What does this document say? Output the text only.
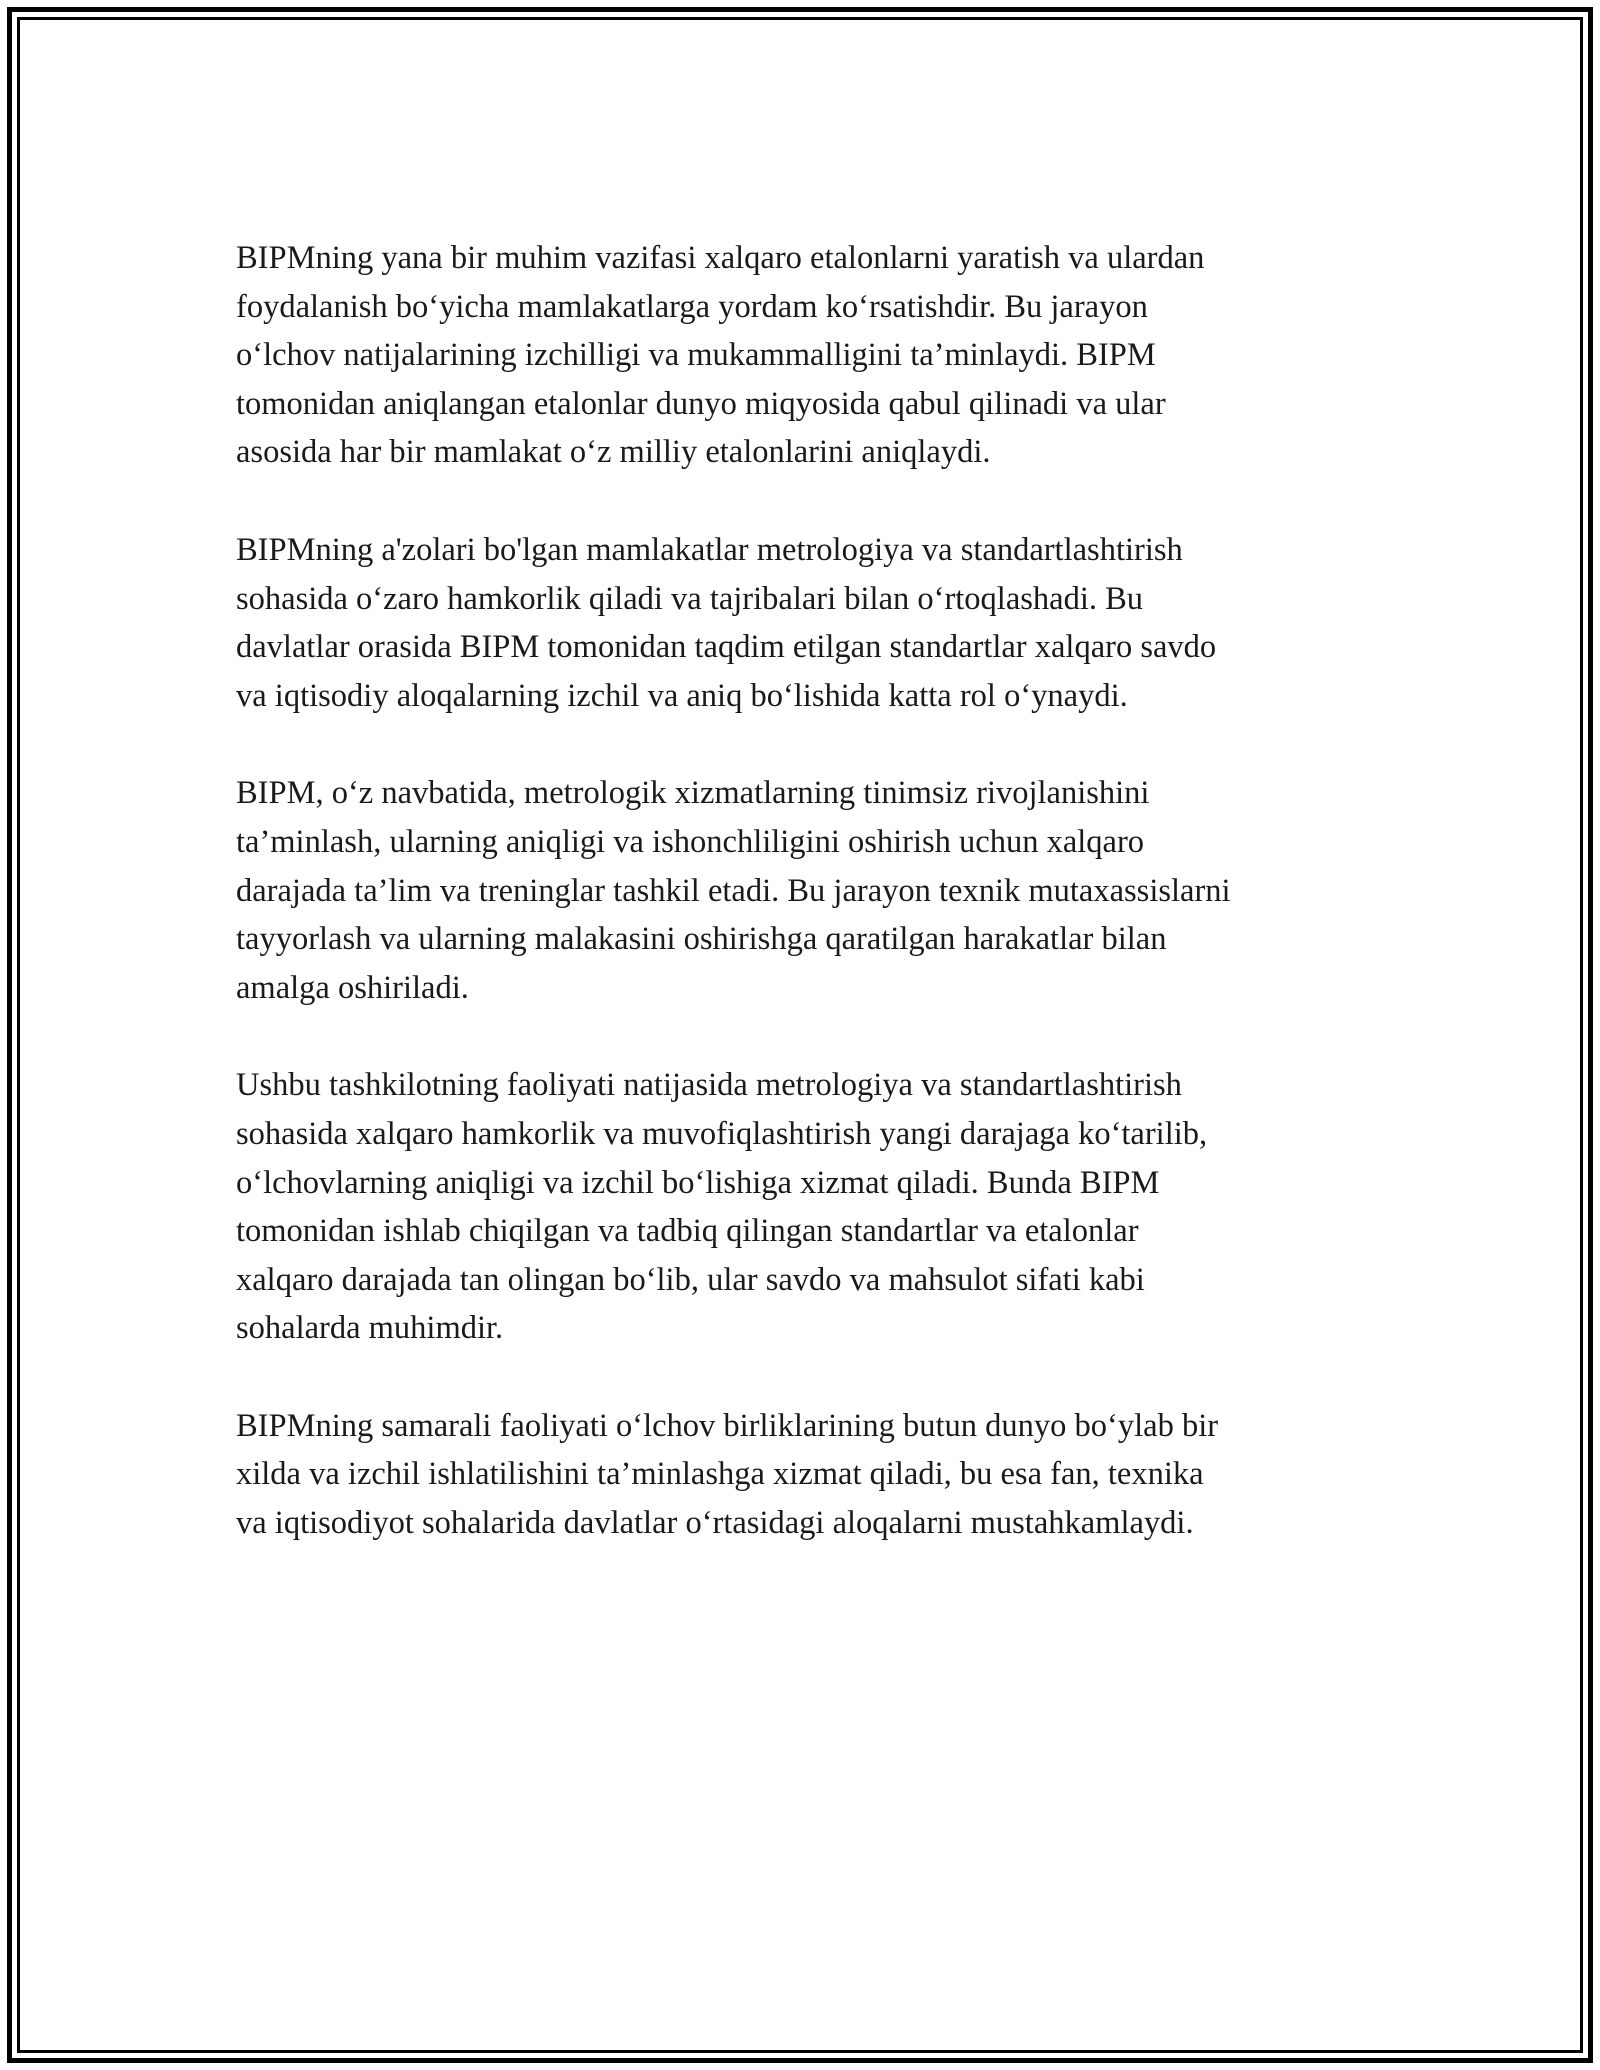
BIPMning yana bir muhim vazifasi xalqaro etalonlarni yaratish va ulardan
foydalanish bo‘yicha mamlakatlarga yordam ko‘rsatishdir. Bu jarayon
o‘lchov natijalarining izchilligi va mukammalligini ta’minlaydi. BIPM
tomonidan aniqlangan etalonlar dunyo miqyosida qabul qilinadi va ular
asosida har bir mamlakat o‘z milliy etalonlarini aniqlaydi.

BIPMning a'zolari bo'lgan mamlakatlar metrologiya va standartlashtirish
sohasida o‘zaro hamkorlik qiladi va tajribalari bilan o‘rtoqlashadi. Bu
davlatlar orasida BIPM tomonidan taqdim etilgan standartlar xalqaro savdo
va iqtisodiy aloqalarning izchil va aniq bo‘lishida katta rol o‘ynaydi.

BIPM, o‘z navbatida, metrologik xizmatlarning tinimsiz rivojlanishini
ta’minlash, ularning aniqligi va ishonchliligini oshirish uchun xalqaro
darajada ta’lim va treninglar tashkil etadi. Bu jarayon texnik mutaxassislarni
tayyorlash va ularning malakasini oshirishga qaratilgan harakatlar bilan
amalga oshiriladi.

Ushbu tashkilotning faoliyati natijasida metrologiya va standartlashtirish
sohasida xalqaro hamkorlik va muvofiqlashtirish yangi darajaga ko‘tarilib,
o‘lchovlarning aniqligi va izchil bo‘lishiga xizmat qiladi. Bunda BIPM
tomonidan ishlab chiqilgan va tadbiq qilingan standartlar va etalonlar
xalqaro darajada tan olingan bo‘lib, ular savdo va mahsulot sifati kabi
sohalarda muhimdir.

BIPMning samarali faoliyati o‘lchov birliklarining butun dunyo bo‘ylab bir
xilda va izchil ishlatilishini ta’minlashga xizmat qiladi, bu esa fan, texnika
va iqtisodiyot sohalarida davlatlar o‘rtasidagi aloqalarni mustahkamlaydi.
